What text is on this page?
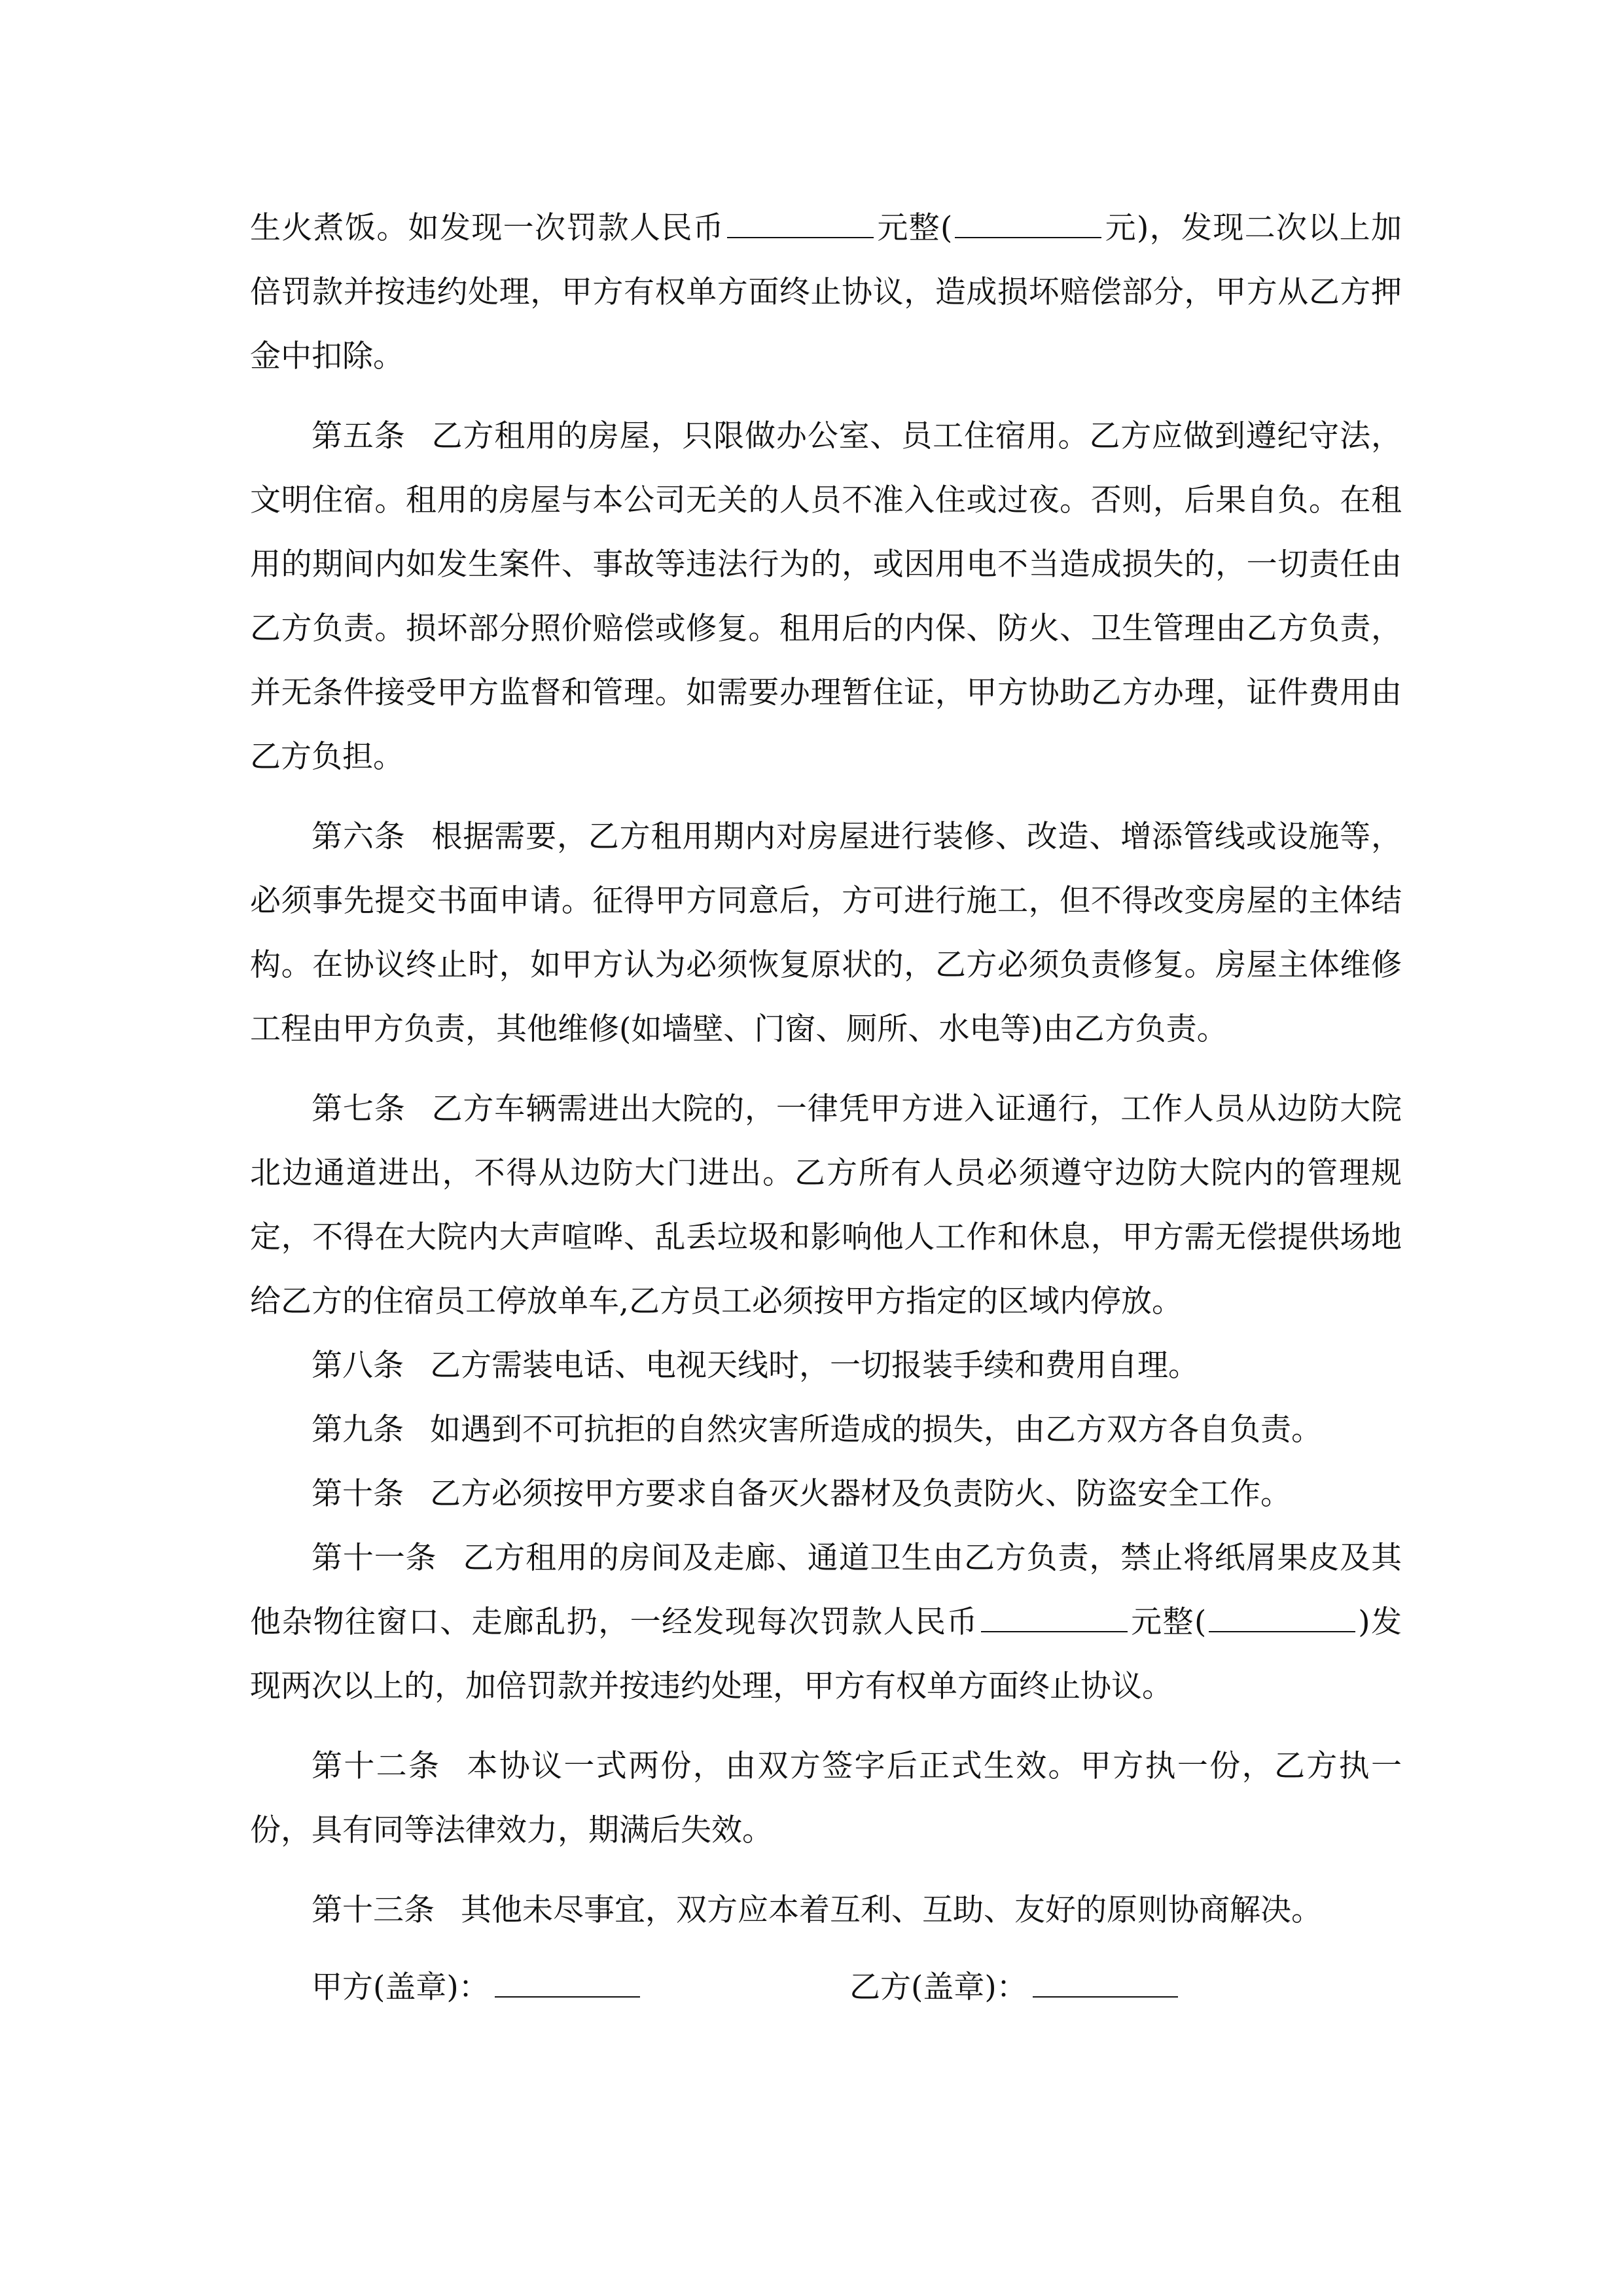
生火煮饭。如发现一次罚款人民币	元整(	元)，发现二次以上加倍罚款并按违约处理，甲方有权单方面终止协议，造成损坏赔偿部分，甲方从乙方押金中扣除。

第五条 乙方租用的房屋，只限做办公室、员工住宿用。乙方应做到遵纪守法，文明住宿。租用的房屋与本公司无关的人员不准入住或过夜。否则，后果自负。在租用的期间内如发生案件、事故等违法行为的，或因用电不当造成损失的，一切责任由乙方负责。损坏部分照价赔偿或修复。租用后的内保、防火、卫生管理由乙方负责，并无条件接受甲方监督和管理。如需要办理暂住证，甲方协助乙方办理，证件费用由乙方负担。

第六条 根据需要，乙方租用期内对房屋进行装修、改造、增添管线或设施等，必须事先提交书面申请。征得甲方同意后，方可进行施工，但不得改变房屋的主体结构。在协议终止时，如甲方认为必须恢复原状的，乙方必须负责修复。房屋主体维修工程由甲方负责，其他维修(如墙壁、门窗、厕所、水电等)由乙方负责。

第七条 乙方车辆需进出大院的，一律凭甲方进入证通行，工作人员从边防大院北边通道进出，不得从边防大门进出。乙方所有人员必须遵守边防大院内的管理规定，不得在大院内大声喧哗、乱丢垃圾和影响他人工作和休息，甲方需无偿提供场地给乙方的住宿员工停放单车,乙方员工必须按甲方指定的区域内停放。

第八条 乙方需装电话、电视天线时，一切报装手续和费用自理。

第九条 如遇到不可抗拒的自然灾害所造成的损失，由乙方双方各自负责。

第十条 乙方必须按甲方要求自备灭火器材及负责防火、防盗安全工作。

第十一条 乙方租用的房间及走廊、通道卫生由乙方负责，禁止将纸屑果皮及其他杂物往窗口、走廊乱扔，一经发现每次罚款人民币	元整(	)发现两次以上的，加倍罚款并按违约处理，甲方有权单方面终止协议。

第十二条 本协议一式两份，由双方签字后正式生效。甲方执一份，乙方执一份，具有同等法律效力，期满后失效。

第十三条 其他未尽事宜，双方应本着互利、互助、友好的原则协商解决。

甲方(盖章)：	乙方(盖章)：
